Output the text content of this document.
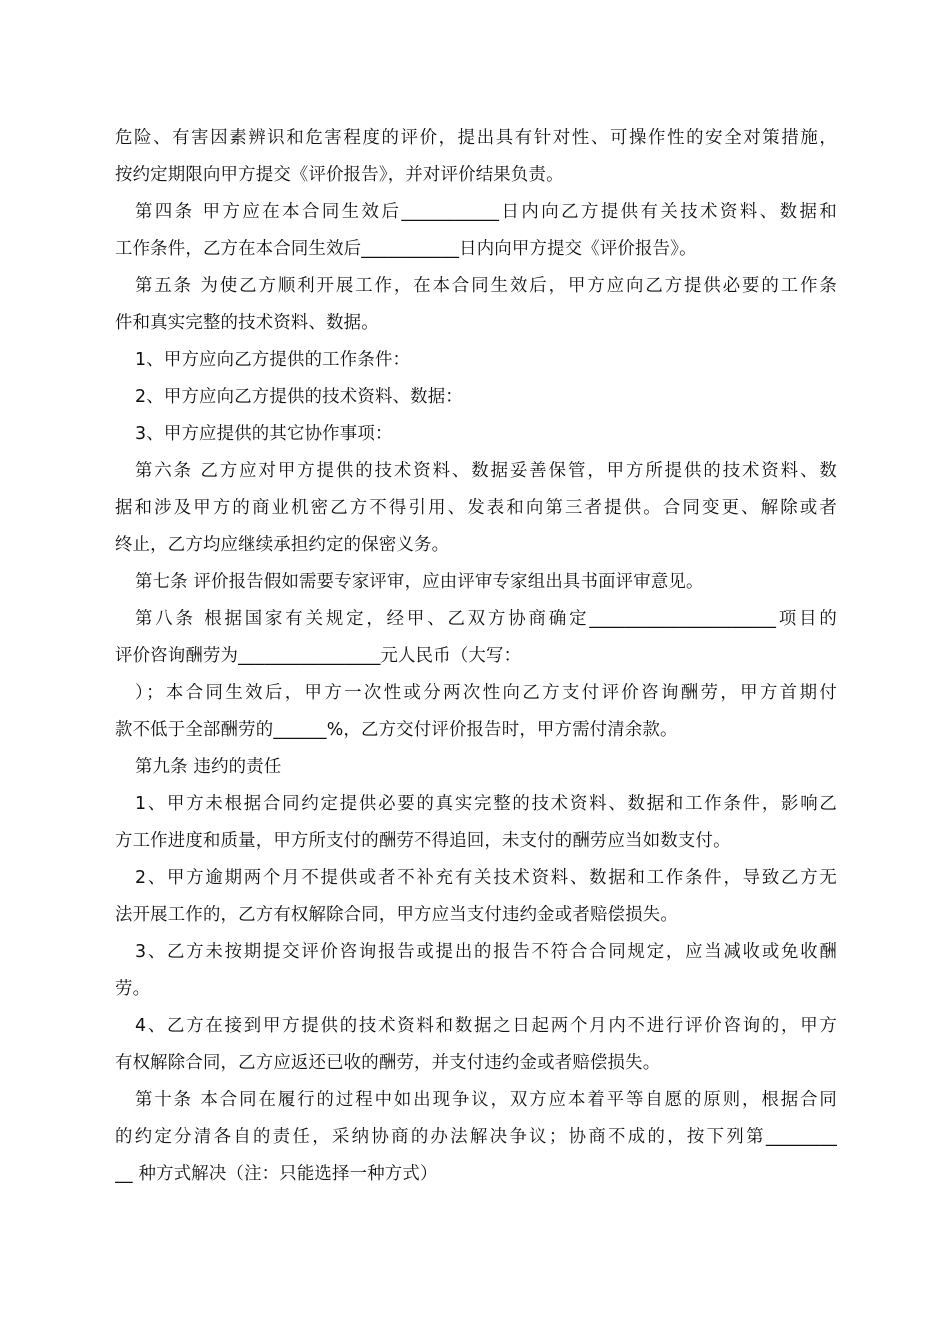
危险、有害因素辨识和危害程度的评价，提出具有针对性、可操作性的安全对策措施，
按约定期限向甲方提交《评价报告》，并对评价结果负责。
第四条 甲方应在本合同生效后___________日内向乙方提供有关技术资料、数据和
工作条件，乙方在本合同生效后___________日内向甲方提交《评价报告》。
第五条 为使乙方顺利开展工作，在本合同生效后，甲方应向乙方提供必要的工作条
件和真实完整的技术资料、数据。
1、甲方应向乙方提供的工作条件：
2、甲方应向乙方提供的技术资料、数据：
3、甲方应提供的其它协作事项：
第六条 乙方应对甲方提供的技术资料、数据妥善保管，甲方所提供的技术资料、数
据和涉及甲方的商业机密乙方不得引用、发表和向第三者提供。合同变更、解除或者
终止，乙方均应继续承担约定的保密义务。
第七条 评价报告假如需要专家评审，应由评审专家组出具书面评审意见。
第八条 根据国家有关规定，经甲、乙双方协商确定_____________________项目的
评价咨询酬劳为________________元人民币（大写：
）；本合同生效后，甲方一次性或分两次性向乙方支付评价咨询酬劳，甲方首期付
款不低于全部酬劳的______%，乙方交付评价报告时，甲方需付清余款。
第九条 违约的责任
1、甲方未根据合同约定提供必要的真实完整的技术资料、数据和工作条件，影响乙
方工作进度和质量，甲方所支付的酬劳不得追回，未支付的酬劳应当如数支付。
2、甲方逾期两个月不提供或者不补充有关技术资料、数据和工作条件，导致乙方无
法开展工作的，乙方有权解除合同，甲方应当支付违约金或者赔偿损失。
3、乙方未按期提交评价咨询报告或提出的报告不符合合同规定，应当减收或免收酬
劳。
4、乙方在接到甲方提供的技术资料和数据之日起两个月内不进行评价咨询的，甲方
有权解除合同，乙方应返还已收的酬劳，并支付违约金或者赔偿损失。
第十条 本合同在履行的过程中如出现争议，双方应本着平等自愿的原则，根据合同
的约定分清各自的责任，采纳协商的办法解决争议；协商不成的，按下列第________
__ 种方式解决（注：只能选择一种方式）
